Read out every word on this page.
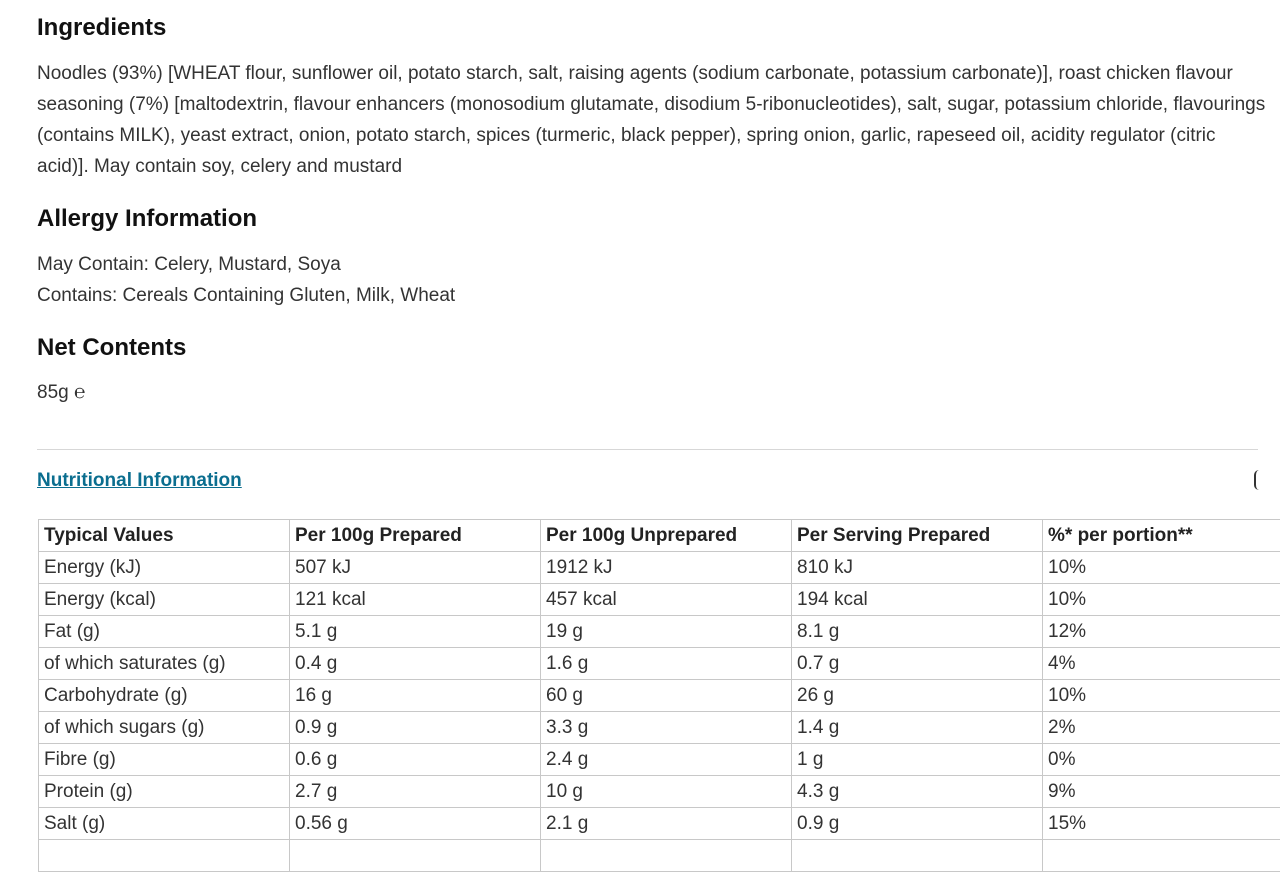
Ingredients

Noodles (93%) [WHEAT flour, sunflower oil, potato starch, salt, raising agents (sodium carbonate, potassium carbonate)], roast chicken flavour seasoning (7%) [maltodextrin, flavour enhancers (monosodium glutamate, disodium 5-ribonucleotides), salt, sugar, potassium chloride, flavourings (contains MILK), yeast extract, onion, potato starch, spices (turmeric, black pepper), spring onion, garlic, rapeseed oil, acidity regulator (citric acid)]. May contain soy, celery and mustard

Allergy Information
May Contain: Celery, Mustard, Soya
Contains: Cereals Containing Gluten, Milk, Wheat
Net Contents

85g ℮

Nutritional Information
Typical Values	Per 100g Prepared	Per 100g Unprepared	Per Serving Prepared	%* per portion**
Energy (kJ)	507 kJ	1912 kJ	810 kJ	10%
Energy (kcal)	121 kcal	457 kcal	194 kcal	10%
Fat (g)	5.1 g	19 g	8.1 g	12%
of which saturates (g)	0.4 g	1.6 g	0.7 g	4%
Carbohydrate (g)	16 g	60 g	26 g	10%
of which sugars (g)	0.9 g	3.3 g	1.4 g	2%
Fibre (g)	0.6 g	2.4 g	1 g	0%
Protein (g)	2.7 g	10 g	4.3 g	9%
Salt (g)	0.56 g	2.1 g	0.9 g	15%
